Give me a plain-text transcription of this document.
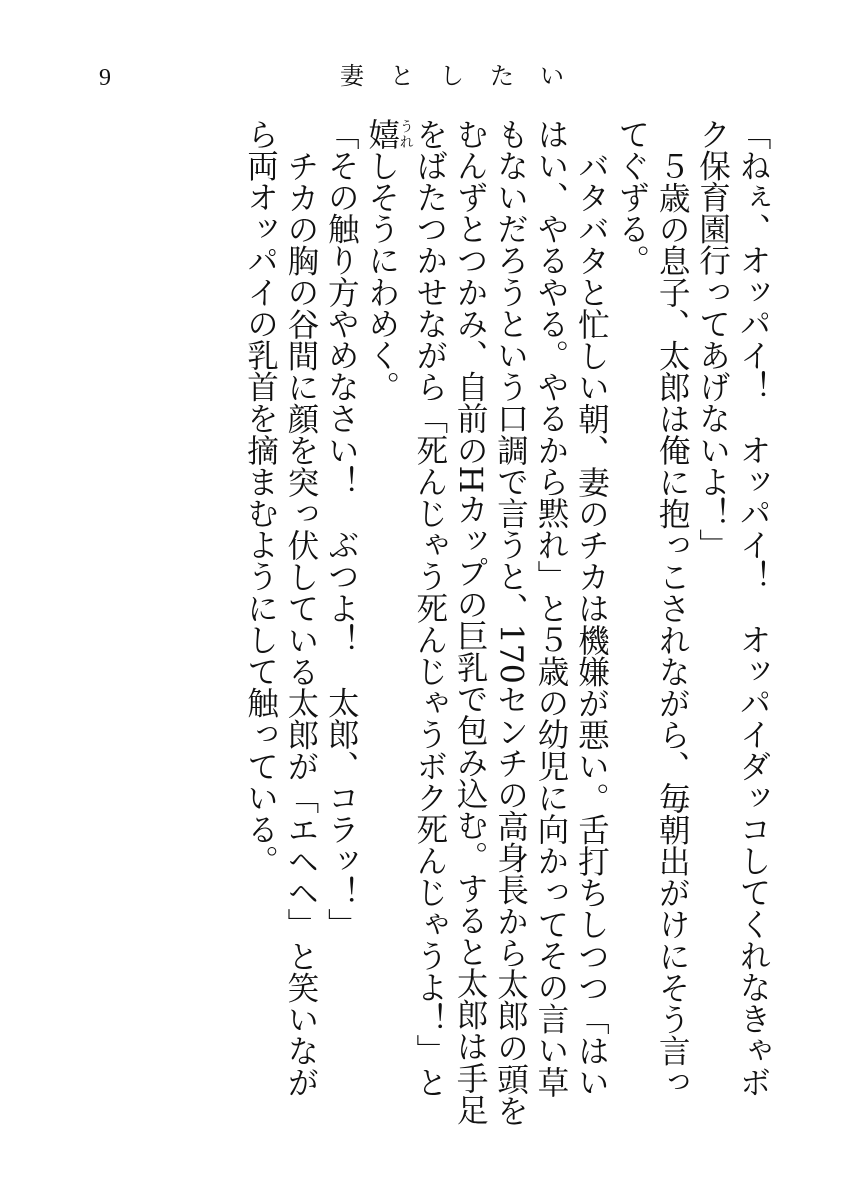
9	妻としたい

「ねぇ、オッパイ！　オッパイ！　オッパイダッコしてくれなきゃボク保育園行ってあげないよ！」

５歳の息子、太郎は俺に抱っこされながら、毎朝出がけにそう言ってぐずる。

バタバタと忙しい朝、妻のチカは機嫌が悪い。舌打ちしつつ「はいはい、やるやる。やるから黙れ」と５歳の幼児に向かってその言い草もないだろうという口調で言うと、170センチの高身長から太郎の頭をむんずとつかみ、自前のHカップの巨乳で包み込む。すると太郎は手足をばたつかせながら「死んじゃう死んじゃうボク死んじゃうよ！」と嬉うれしそうにわめく。

「その触り方やめなさい！　ぶつよ！　太郎、コラッ！」

チカの胸の谷間に顔を突っ伏している太郎が「エヘヘ」と笑いながら両オッパイの乳首を摘まむようにして触っている。
